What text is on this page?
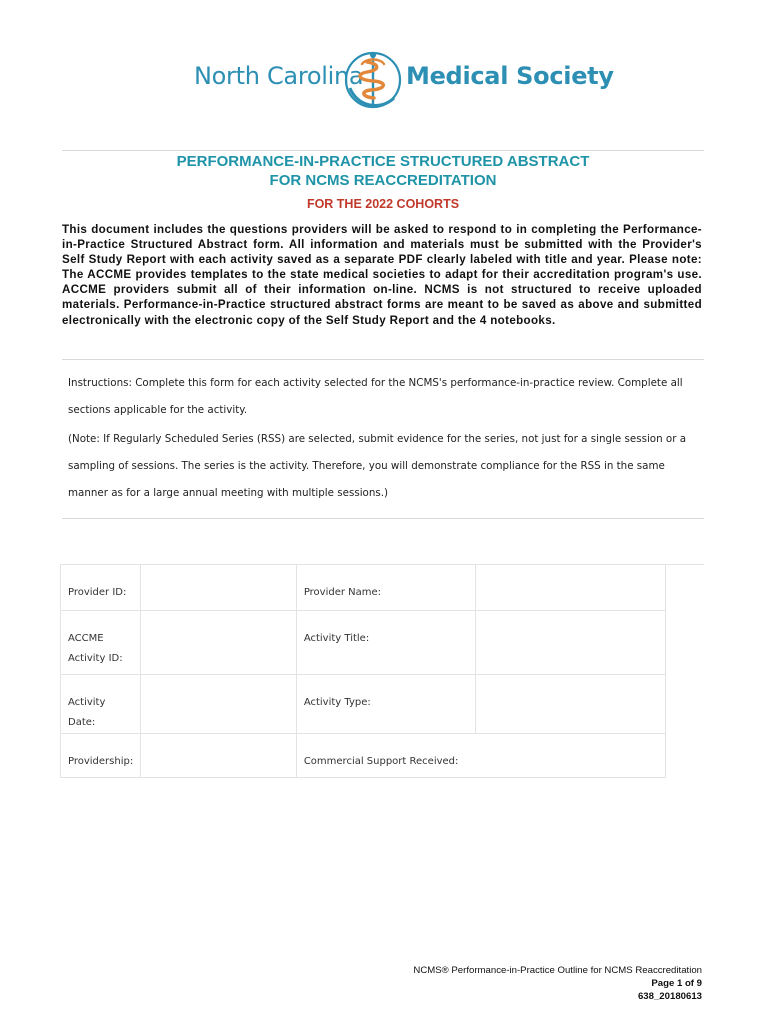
North Carolina Medical Society
PERFORMANCE-IN-PRACTICE STRUCTURED ABSTRACT
FOR NCMS REACCREDITATION
FOR THE 2022 COHORTS
This document includes the questions providers will be asked to respond to in completing the Performance-in-Practice Structured Abstract form. All information and materials must be submitted with the Provider's Self Study Report with each activity saved as a separate PDF clearly labeled with title and year. Please note: The ACCME provides templates to the state medical societies to adapt for their accreditation program's use. ACCME providers submit all of their information on-line. NCMS is not structured to receive uploaded materials. Performance-in-Practice structured abstract forms are meant to be saved as above and submitted electronically with the electronic copy of the Self Study Report and the 4 notebooks.
Instructions: Complete this form for each activity selected for the NCMS's performance-in-practice review. Complete all sections applicable for the activity.
(Note: If Regularly Scheduled Series (RSS) are selected, submit evidence for the series, not just for a single session or a sampling of sessions. The series is the activity. Therefore, you will demonstrate compliance for the RSS in the same manner as for a large annual meeting with multiple sessions.)
Provider ID:		Provider Name:	
ACCME
Activity ID:		Activity Title:	
Activity Date:		Activity Type:	
Providership:		Commercial Support Received:	
NCMS® Performance-in-Practice Outline for NCMS Reaccreditation
Page 1 of 9
638_20180613
